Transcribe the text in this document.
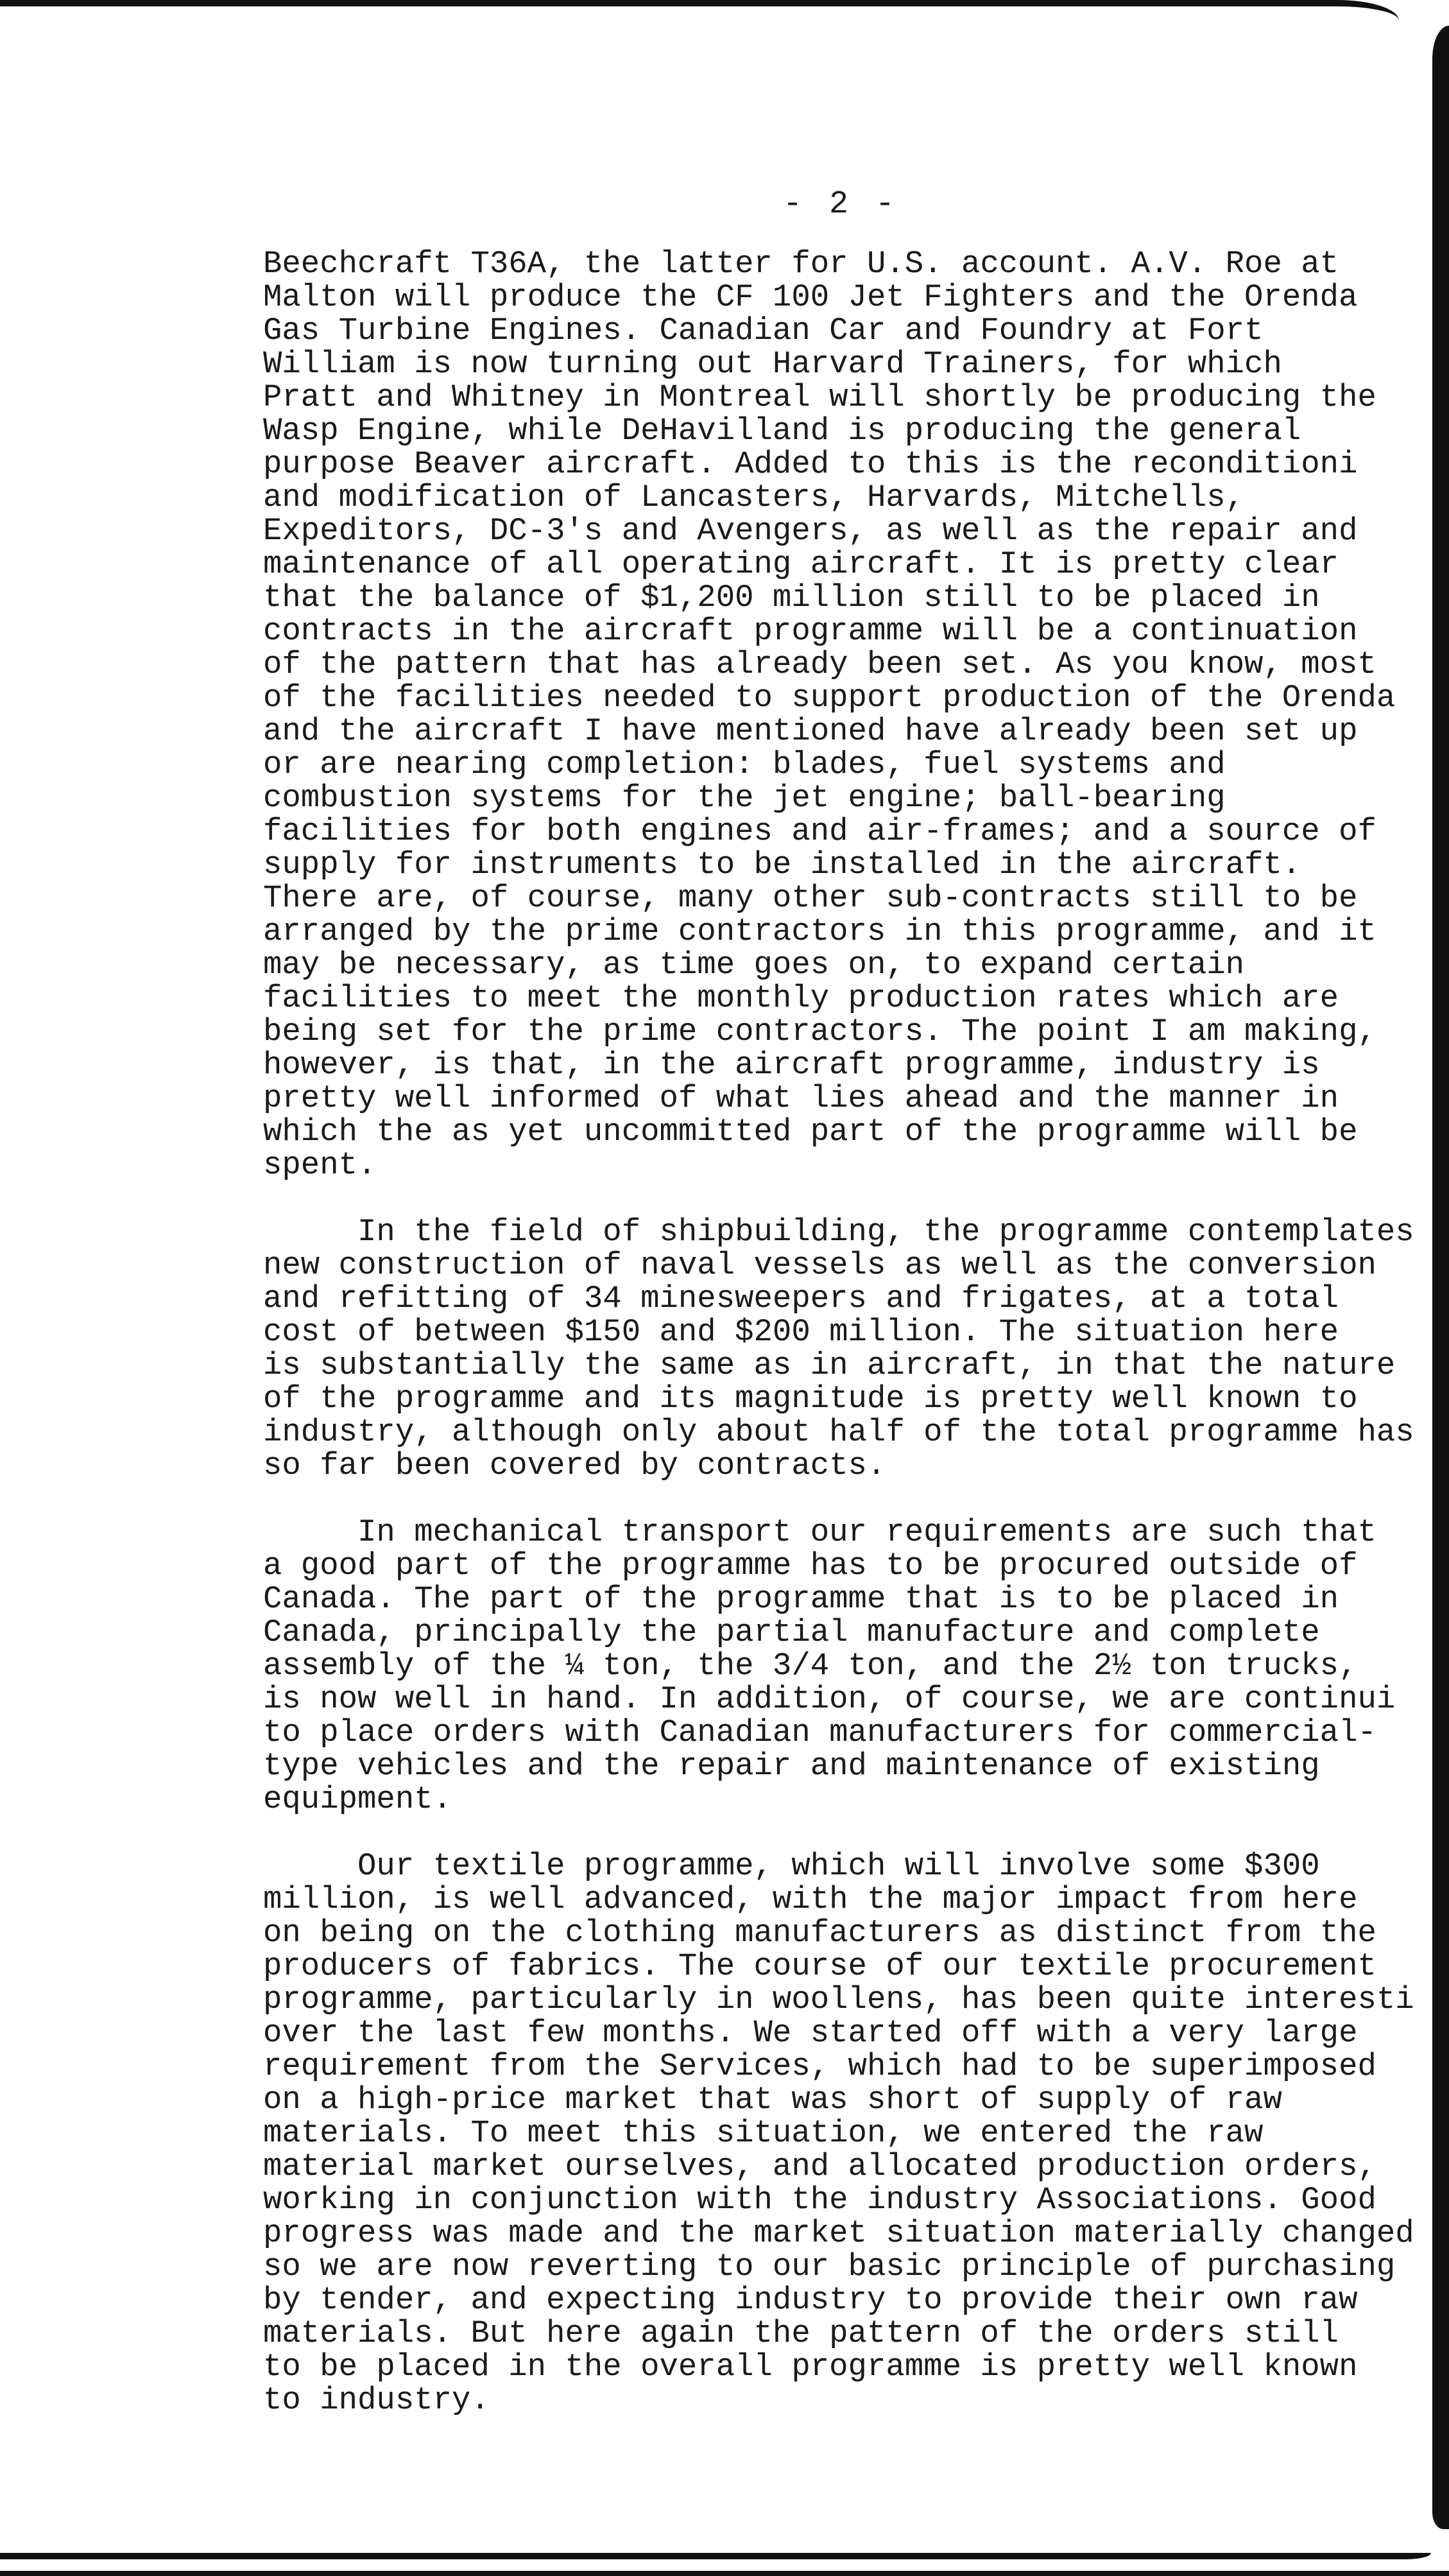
- 2 -
Beechcraft T36A, the latter for U.S. account. A.V. Roe at
Malton will produce the CF 100 Jet Fighters and the Orenda
Gas Turbine Engines. Canadian Car and Foundry at Fort
William is now turning out Harvard Trainers, for which
Pratt and Whitney in Montreal will shortly be producing the
Wasp Engine, while DeHavilland is producing the general
purpose Beaver aircraft. Added to this is the reconditioni
and modification of Lancasters, Harvards, Mitchells,
Expeditors, DC-3's and Avengers, as well as the repair and
maintenance of all operating aircraft. It is pretty clear
that the balance of $1,200 million still to be placed in
contracts in the aircraft programme will be a continuation
of the pattern that has already been set. As you know, most
of the facilities needed to support production of the Orenda
and the aircraft I have mentioned have already been set up
or are nearing completion: blades, fuel systems and
combustion systems for the jet engine; ball-bearing
facilities for both engines and air-frames; and a source of
supply for instruments to be installed in the aircraft.
There are, of course, many other sub-contracts still to be
arranged by the prime contractors in this programme, and it
may be necessary, as time goes on, to expand certain
facilities to meet the monthly production rates which are
being set for the prime contractors. The point I am making,
however, is that, in the aircraft programme, industry is
pretty well informed of what lies ahead and the manner in
which the as yet uncommitted part of the programme will be
spent.
In the field of shipbuilding, the programme contemplates
new construction of naval vessels as well as the conversion
and refitting of 34 minesweepers and frigates, at a total
cost of between $150 and $200 million. The situation here
is substantially the same as in aircraft, in that the nature
of the programme and its magnitude is pretty well known to
industry, although only about half of the total programme has
so far been covered by contracts.
In mechanical transport our requirements are such that
a good part of the programme has to be procured outside of
Canada. The part of the programme that is to be placed in
Canada, principally the partial manufacture and complete
assembly of the ¼ ton, the 3/4 ton, and the 2½ ton trucks,
is now well in hand. In addition, of course, we are continui
to place orders with Canadian manufacturers for commercial-
type vehicles and the repair and maintenance of existing
equipment.
Our textile programme, which will involve some $300
million, is well advanced, with the major impact from here
on being on the clothing manufacturers as distinct from the
producers of fabrics. The course of our textile procurement
programme, particularly in woollens, has been quite interesti
over the last few months. We started off with a very large
requirement from the Services, which had to be superimposed
on a high-price market that was short of supply of raw
materials. To meet this situation, we entered the raw
material market ourselves, and allocated production orders,
working in conjunction with the industry Associations. Good
progress was made and the market situation materially changed
so we are now reverting to our basic principle of purchasing
by tender, and expecting industry to provide their own raw
materials. But here again the pattern of the orders still
to be placed in the overall programme is pretty well known
to industry.
